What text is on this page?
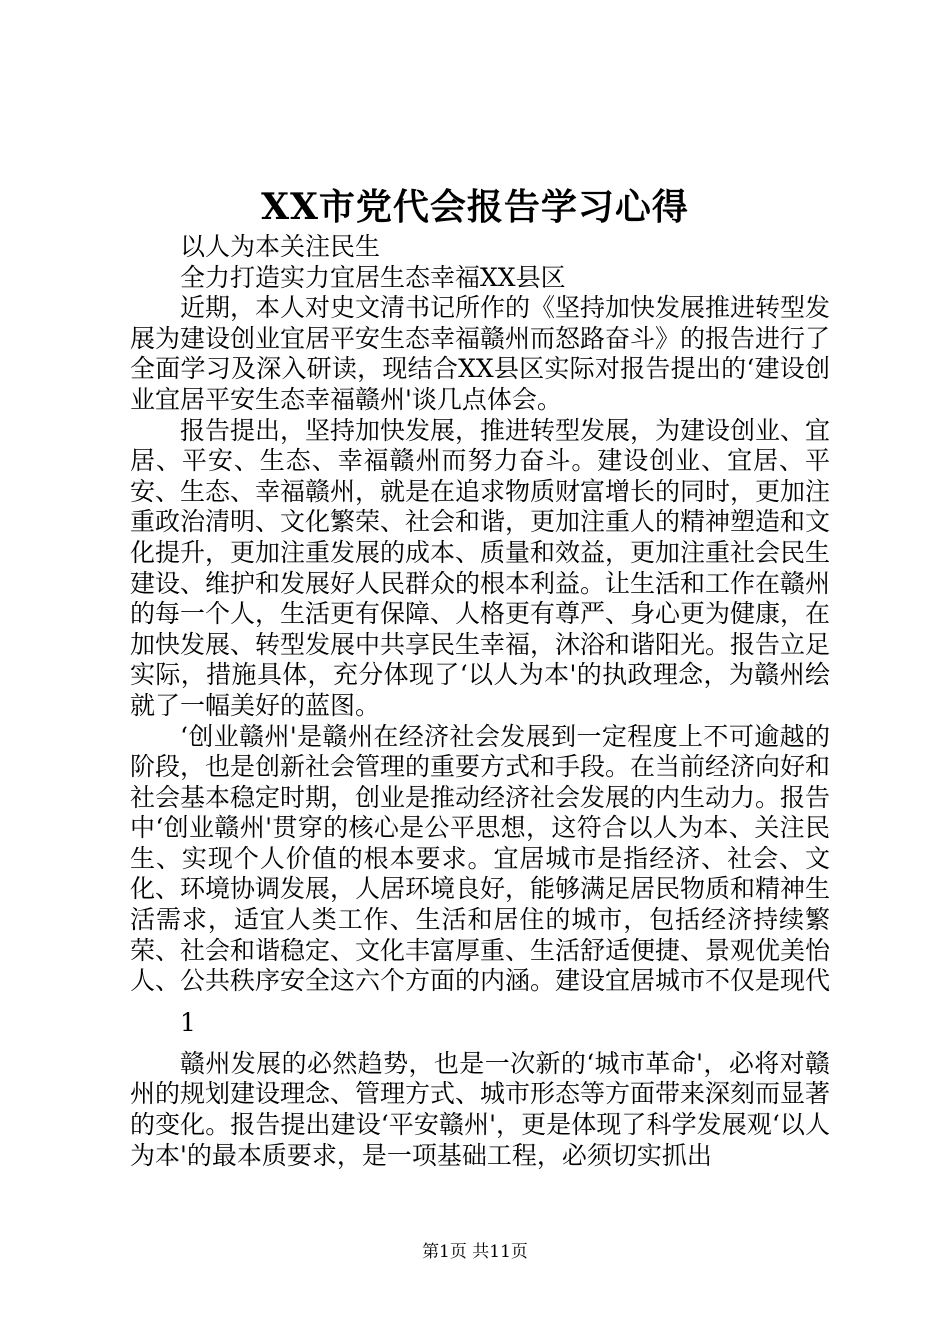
XX市党代会报告学习心得

以人为本关注民生

全力打造实力宜居生态幸福XX县区

近期，本人对史文清书记所作的《坚持加快发展推进转型发展为建设创业宜居平安生态幸福赣州而怒路奋斗》的报告进行了全面学习及深入研读，现结合XX县区实际对报告提出的‘建设创业宜居平安生态幸福赣州'谈几点体会。

报告提出，坚持加快发展，推进转型发展，为建设创业、宜居、平安、生态、幸福赣州而努力奋斗。建设创业、宜居、平安、生态、幸福赣州，就是在追求物质财富增长的同时，更加注重政治清明、文化繁荣、社会和谐，更加注重人的精神塑造和文化提升，更加注重发展的成本、质量和效益，更加注重社会民生建设、维护和发展好人民群众的根本利益。让生活和工作在赣州的每一个人，生活更有保障、人格更有尊严、身心更为健康，在加快发展、转型发展中共享民生幸福，沐浴和谐阳光。报告立足实际，措施具体，充分体现了‘以人为本'的执政理念，为赣州绘就了一幅美好的蓝图。

‘创业赣州'是赣州在经济社会发展到一定程度上不可逾越的阶段，也是创新社会管理的重要方式和手段。在当前经济向好和社会基本稳定时期，创业是推动经济社会发展的内生动力。报告中‘创业赣州'贯穿的核心是公平思想，这符合以人为本、关注民生、实现个人价值的根本要求。宜居城市是指经济、社会、文化、环境协调发展，人居环境良好，能够满足居民物质和精神生活需求，适宜人类工作、生活和居住的城市，包括经济持续繁荣、社会和谐稳定、文化丰富厚重、生活舒适便捷、景观优美怡人、公共秩序安全这六个方面的内涵。建设宜居城市不仅是现代

1

赣州发展的必然趋势，也是一次新的‘城市革命'，必将对赣州的规划建设理念、管理方式、城市形态等方面带来深刻而显著的变化。报告提出建设‘平安赣州'，更是体现了科学发展观‘以人为本'的最本质要求，是一项基础工程，必须切实抓出

第1页 共11页
